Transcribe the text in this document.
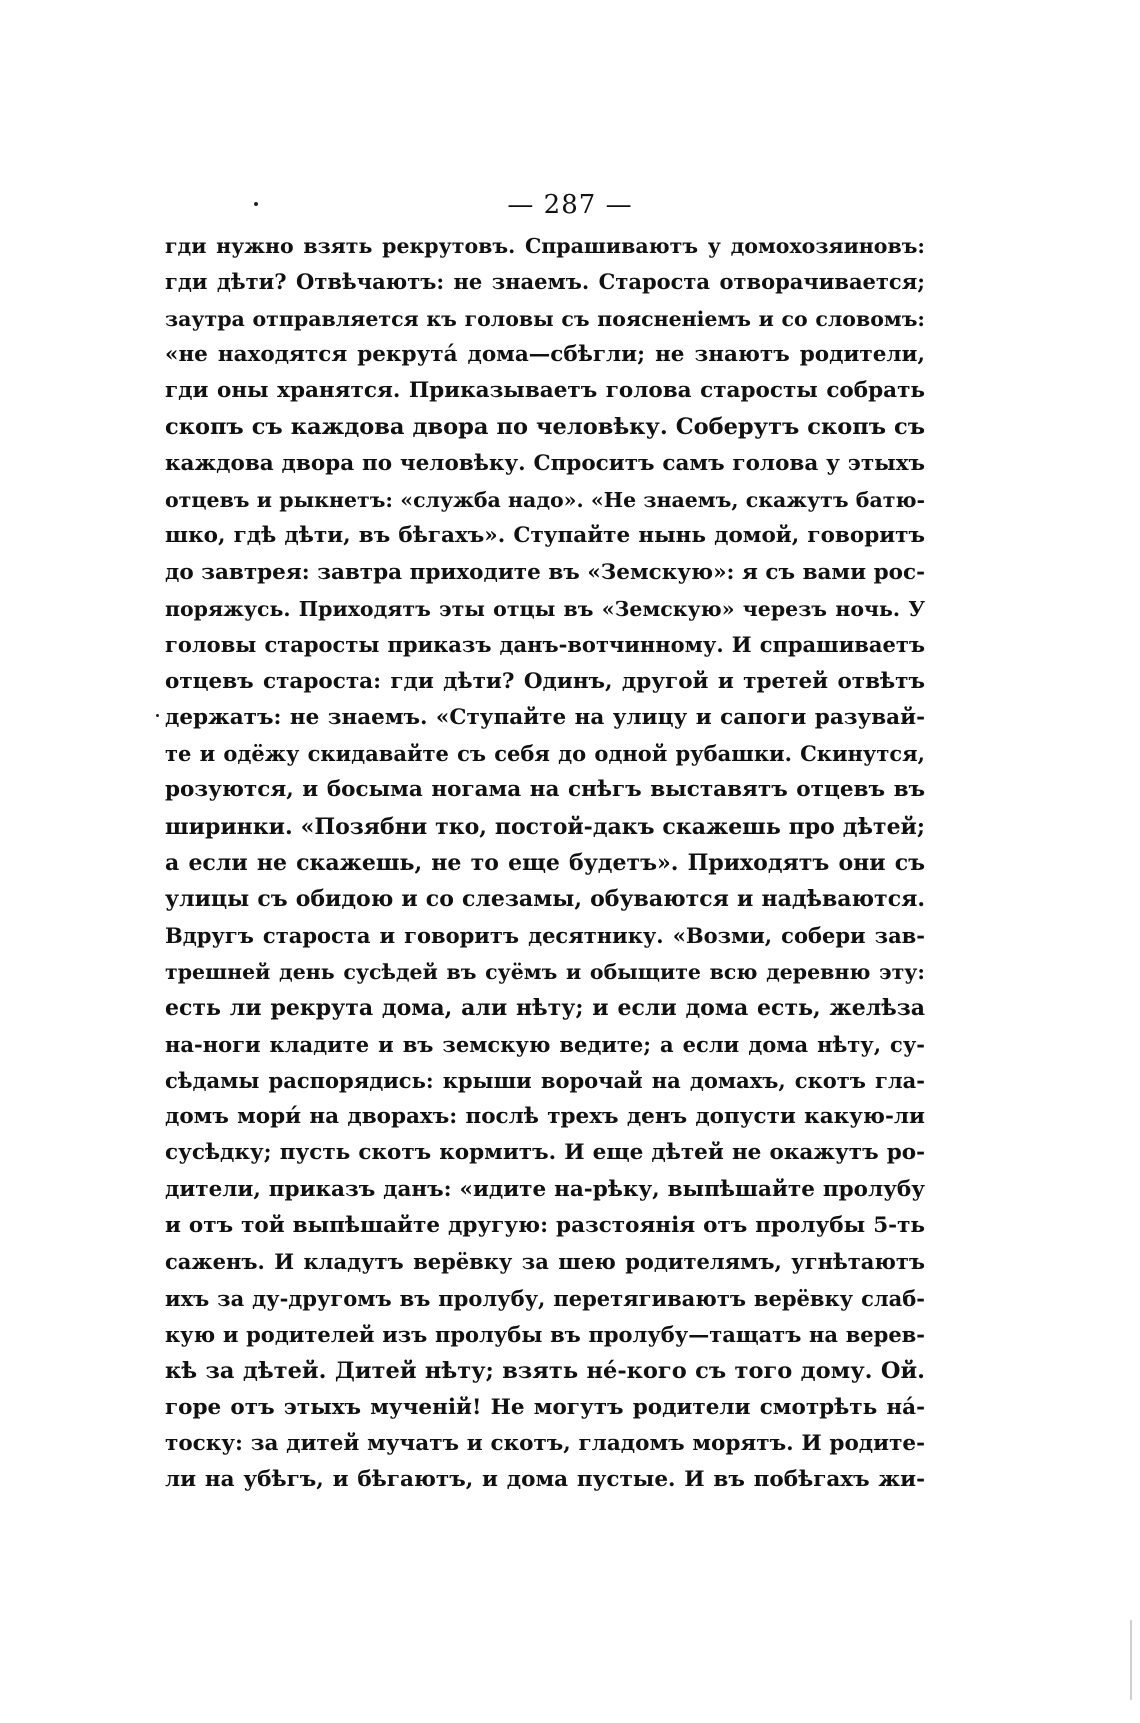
— 287 —
гди нужно взять рекрутовъ. Спрашиваютъ у домохозяиновъ:
гди дѣти? Отвѣчаютъ: не знаемъ. Староста отворачивается;
заутра отправляется къ головы съ поясненіемъ и со словомъ:
«не находятся рекрута́ дома—сбѣгли; не знаютъ родители,
гди оны хранятся. Приказываетъ голова старосты собрать
скопъ съ каждова двора по человѣку. Соберутъ скопъ съ
каждова двора по человѣку. Спроситъ самъ голова у этыхъ
отцевъ и рыкнетъ: «служба надо». «Не знаемъ, скажутъ батю-
шко, гдѣ дѣти, въ бѣгахъ». Ступайте нынь домой, говоритъ
до завтрея: завтра приходите въ «Земскую»: я съ вами рос-
поряжусь. Приходятъ эты отцы въ «Земскую» черезъ ночь. У
головы старосты приказъ данъ-вотчинному. И спрашиваетъ
отцевъ староста: гди дѣти? Одинъ, другой и третей отвѣтъ
держатъ: не знаемъ. «Ступайте на улицу и сапоги разувай-
те и одёжу скидавайте съ себя до одной рубашки. Скинутся,
розуются, и босыма ногама на снѣгъ выставятъ отцевъ въ
ширинки. «Позябни тко, постой-дакъ скажешь про дѣтей;
а если не скажешь, не то еще будетъ». Приходятъ они съ
улицы съ обидою и со слезамы, обуваются и надѣваются.
Вдругъ староста и говоритъ десятнику. «Возми, собери зав-
трешней день сусѣдей въ суёмъ и обыщите всю деревню эту:
есть ли рекрута дома, али нѣту; и если дома есть, желѣза
на-ноги кладите и въ земскую ведите; а если дома нѣту, су-
сѣдамы распорядись: крыши ворочай на домахъ, скотъ гла-
домъ мори́ на дворахъ: послѣ трехъ денъ допусти какую-ли
сусѣдку; пусть скотъ кормитъ. И еще дѣтей не окажутъ ро-
дители, приказъ данъ: «идите на-рѣку, выпѣшайте пролубу
и отъ той выпѣшайте другую: разстоянія отъ пролубы 5-ть
саженъ. И кладутъ верёвку за шею родителямъ, угнѣтаютъ
ихъ за ду-другомъ въ пролубу, перетягиваютъ верёвку слаб-
кую и родителей изъ пролубы въ пролубу—тащатъ на верев-
кѣ за дѣтей. Дитей нѣту; взять не́-кого съ того дому. Ой.
горе отъ этыхъ мученій! Не могутъ родители смотрѣть на́-
тоску: за дитей мучатъ и скотъ, гладомъ морятъ. И родите-
ли на убѣгъ, и бѣгаютъ, и дома пустые. И въ побѣгахъ жи-
